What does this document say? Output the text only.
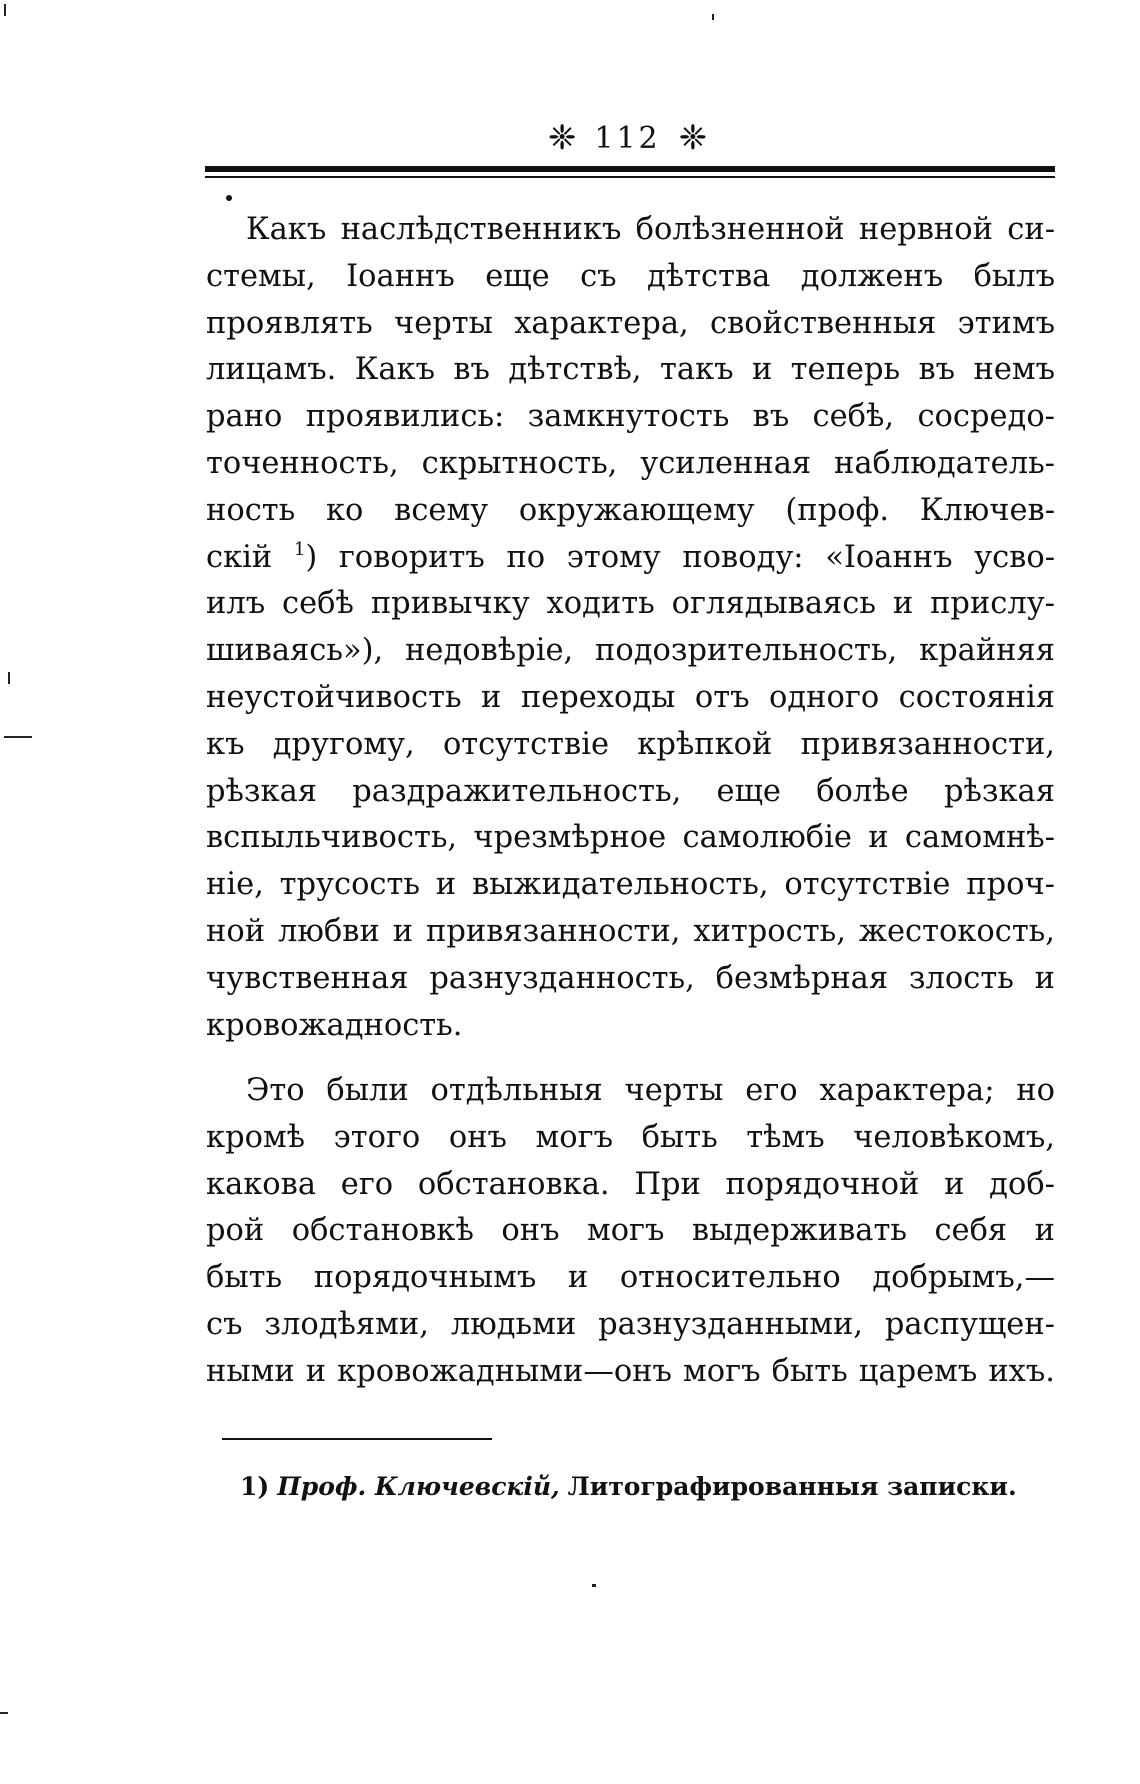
❈ 112 ❈
Какъ наслѣдственникъ болѣзненной нервной си-
стемы, Іоаннъ еще съ дѣтства долженъ былъ
проявлять черты характера, свойственныя этимъ
лицамъ. Какъ въ дѣтствѣ, такъ и теперь въ немъ
рано проявились: замкнутость въ себѣ, сосредо-
точенность, скрытность, усиленная наблюдатель-
ность ко всему окружающему (проф. Ключев-
скій $^1$) говоритъ по этому поводу: «Іоаннъ усво-
илъ себѣ привычку ходить оглядываясь и прислу-
шиваясь»), недовѣріе, подозрительность, крайняя
неустойчивость и переходы отъ одного состоянія
къ другому, отсутствіе крѣпкой привязанности,
рѣзкая раздражительность, еще болѣе рѣзкая
вспыльчивость, чрезмѣрное самолюбіе и самомнѣ-
ніе, трусость и выжидательность, отсутствіе проч-
ной любви и привязанности, хитрость, жестокость,
чувственная разнузданность, безмѣрная злость и
кровожадность.
Это были отдѣльныя черты его характера; но
кромѣ этого онъ могъ быть тѣмъ человѣкомъ,
какова его обстановка. При порядочной и доб-
рой обстановкѣ онъ могъ выдерживать себя и
быть порядочнымъ и относительно добрымъ,—
съ злодѣями, людьми разнузданными, распущен-
ными и кровожадными—онъ могъ быть царемъ ихъ.
1) Проф. Ключевскій, Литографированныя записки.
